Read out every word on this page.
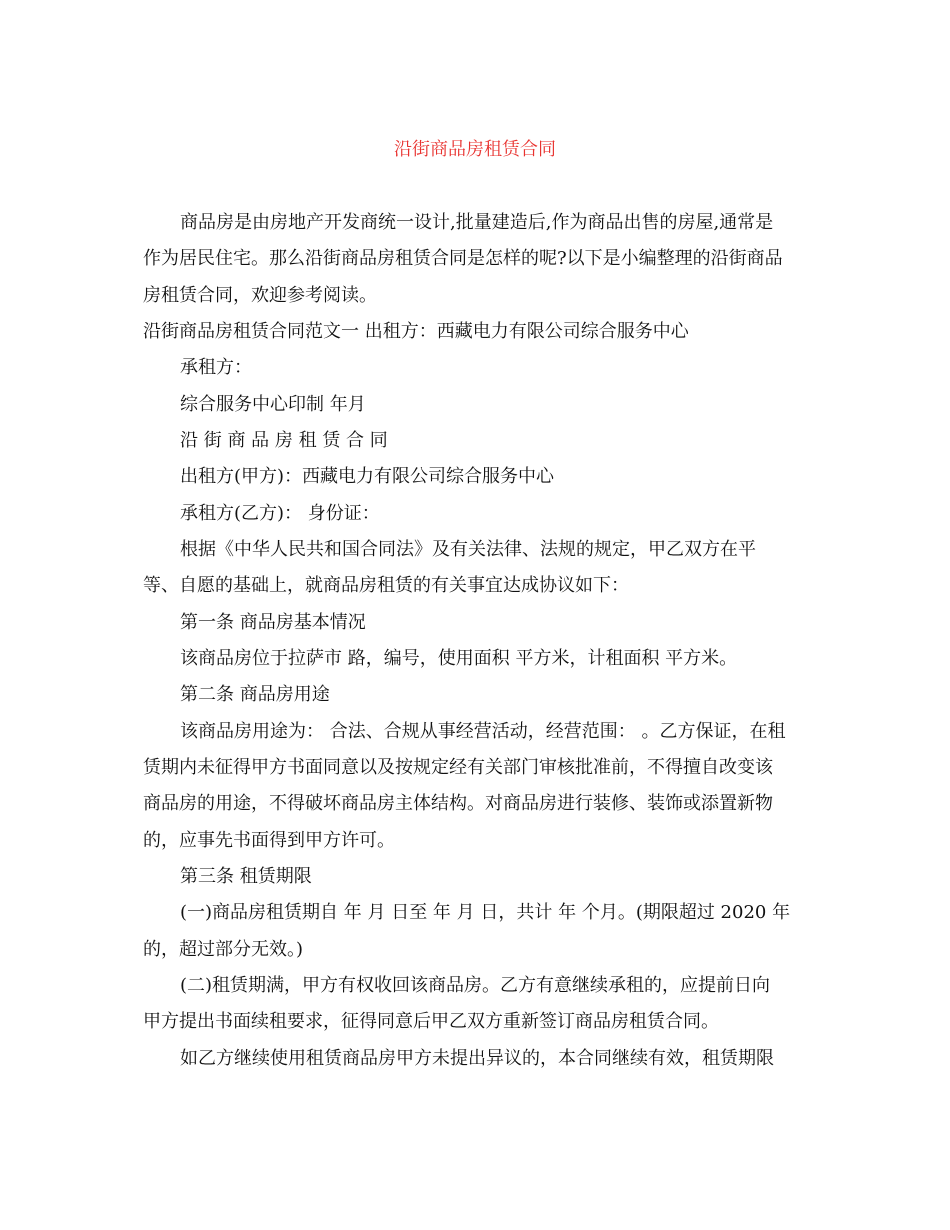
沿街商品房租赁合同
商品房是由房地产开发商统一设计,批量建造后,作为商品出售的房屋,通常是
作为居民住宅。那么沿街商品房租赁合同是怎样的呢?以下是小编整理的沿街商品
房租赁合同，欢迎参考阅读。
沿街商品房租赁合同范文一 出租方：西藏电力有限公司综合服务中心
承租方：
综合服务中心印制 年月
沿 街 商 品 房 租 赁 合 同
出租方(甲方)：西藏电力有限公司综合服务中心
承租方(乙方)： 身份证：
根据《中华人民共和国合同法》及有关法律、法规的规定，甲乙双方在平
等、自愿的基础上，就商品房租赁的有关事宜达成协议如下：
第一条 商品房基本情况
该商品房位于拉萨市 路，编号，使用面积 平方米，计租面积 平方米。
第二条 商品房用途
该商品房用途为： 合法、合规从事经营活动，经营范围： 。乙方保证，在租
赁期内未征得甲方书面同意以及按规定经有关部门审核批准前，不得擅自改变该
商品房的用途，不得破坏商品房主体结构。对商品房进行装修、装饰或添置新物
的，应事先书面得到甲方许可。
第三条 租赁期限
(一)商品房租赁期自 年 月 日至 年 月 日，共计 年 个月。(期限超过 2020 年
的，超过部分无效。)
(二)租赁期满，甲方有权收回该商品房。乙方有意继续承租的，应提前日向
甲方提出书面续租要求，征得同意后甲乙双方重新签订商品房租赁合同。
如乙方继续使用租赁商品房甲方未提出异议的，本合同继续有效，租赁期限
